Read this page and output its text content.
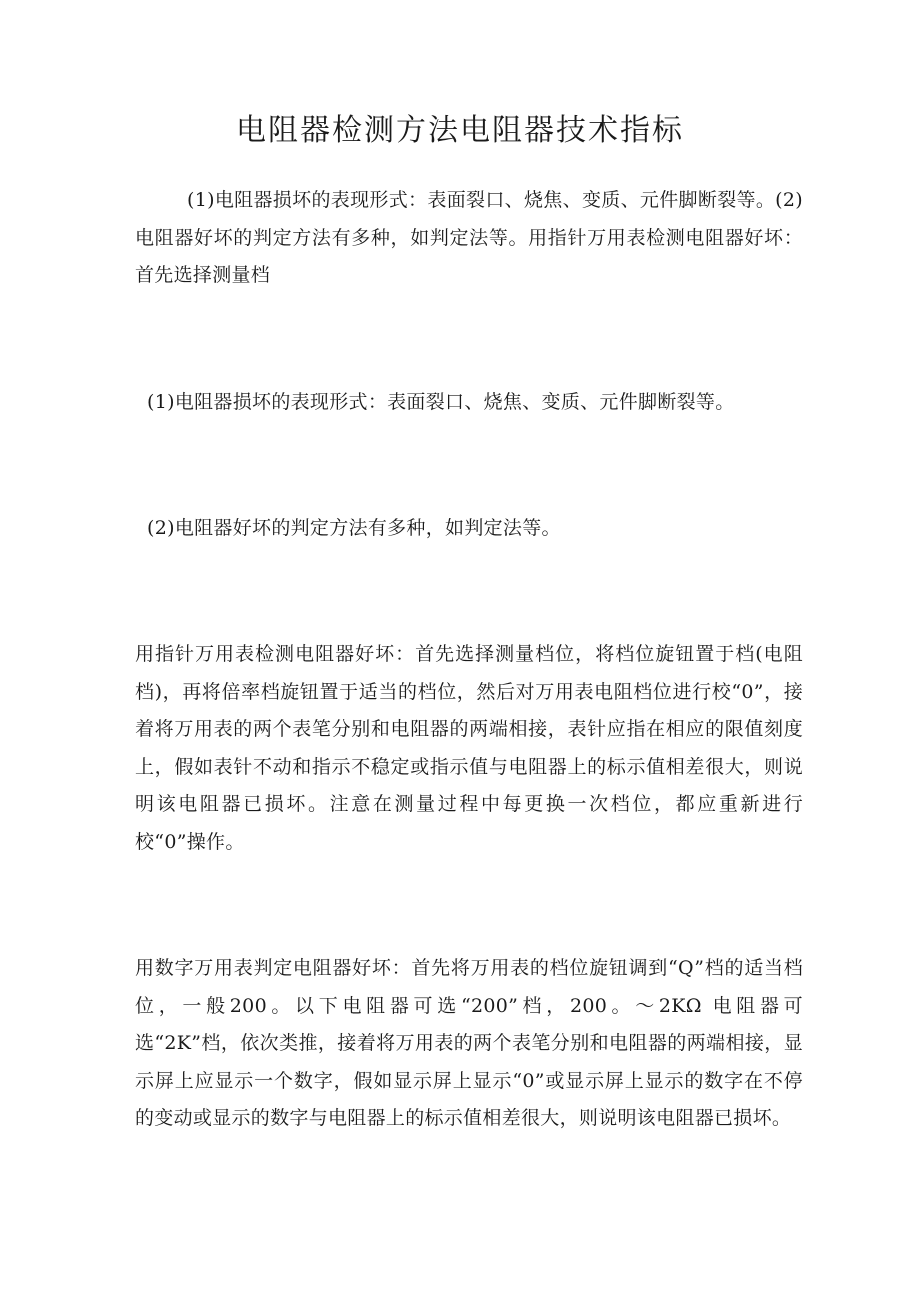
电阻器检测方法电阻器技术指标

(1)电阻器损坏的表现形式：表面裂口、烧焦、变质、元件脚断裂等。(2)电阻器好坏的判定方法有多种，如判定法等。用指针万用表检测电阻器好坏：首先选择测量档

(1)电阻器损坏的表现形式：表面裂口、烧焦、变质、元件脚断裂等。

(2)电阻器好坏的判定方法有多种，如判定法等。

用指针万用表检测电阻器好坏：首先选择测量档位，将档位旋钮置于档(电阻档)，再将倍率档旋钮置于适当的档位，然后对万用表电阻档位进行校“0”，接着将万用表的两个表笔分别和电阻器的两端相接，表针应指在相应的限值刻度上，假如表针不动和指示不稳定或指示值与电阻器上的标示值相差很大，则说明该电阻器已损坏。注意在测量过程中每更换一次档位，都应重新进行校“0”操作。

用数字万用表判定电阻器好坏：首先将万用表的档位旋钮调到“Q”档的适当档位，一般200。以下电阻器可选“200”档，200。～2KΩ 电阻器可选“2K”档，依次类推，接着将万用表的两个表笔分别和电阻器的两端相接，显示屏上应显示一个数字，假如显示屏上显示“0”或显示屏上显示的数字在不停的变动或显示的数字与电阻器上的标示值相差很大，则说明该电阻器已损坏。
